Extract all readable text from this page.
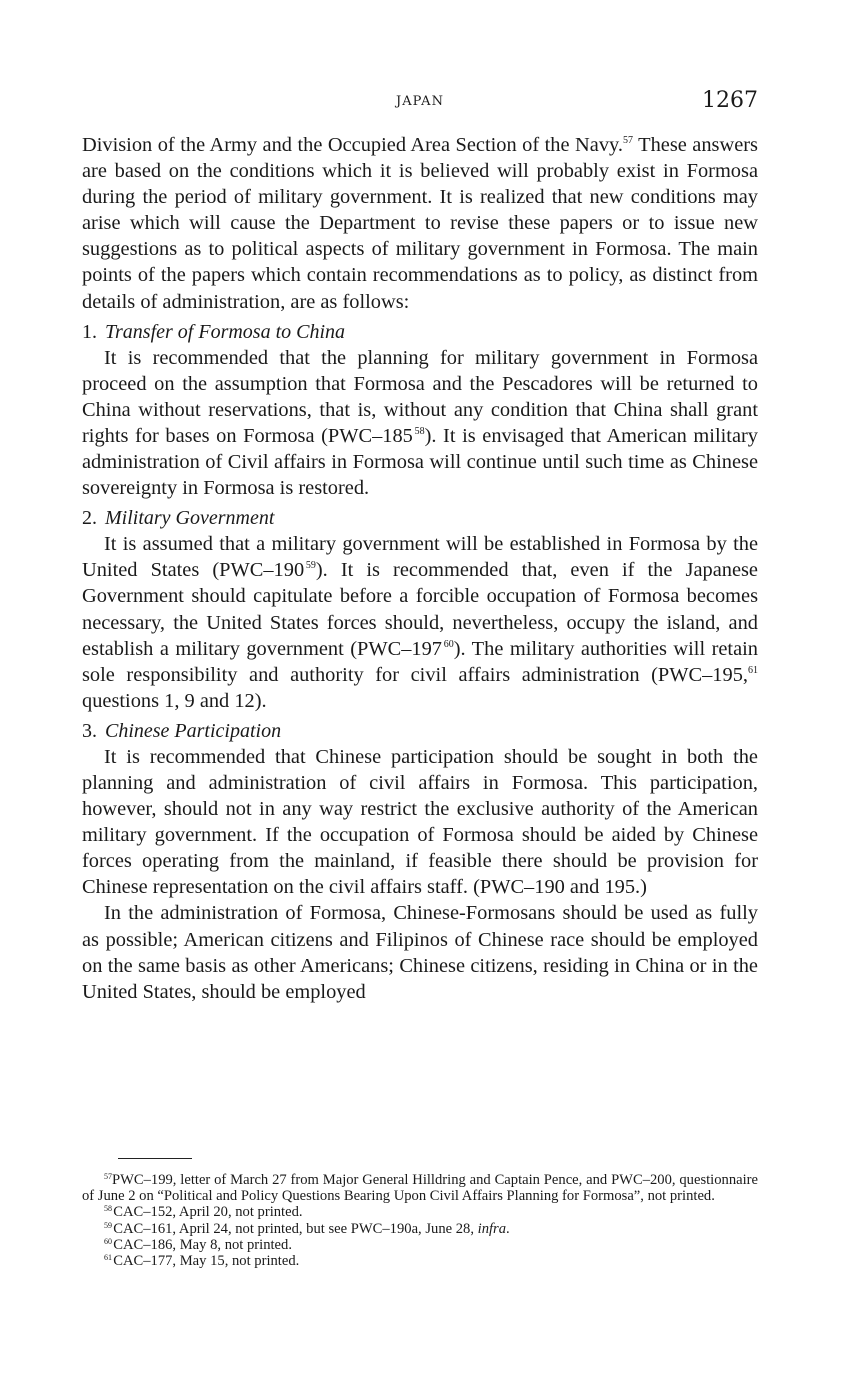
JAPAN	1267

Division of the Army and the Occupied Area Section of the Navy.$^{57}$ These answers are based on the conditions which it is believed will probably exist in Formosa during the period of military government. It is realized that new conditions may arise which will cause the Department to revise these papers or to issue new suggestions as to political aspects of military government in Formosa. The main points of the papers which contain recommendations as to policy, as distinct from details of administration, are as follows:

1. Transfer of Formosa to China

It is recommended that the planning for military government in Formosa proceed on the assumption that Formosa and the Pescadores will be returned to China without reservations, that is, without any condition that China shall grant rights for bases on Formosa (PWC–185  $^{58}$). It is envisaged that American military administration of Civil affairs in Formosa will continue until such time as Chinese sovereignty in Formosa is restored.

2. Military Government

It is assumed that a military government will be established in Formosa by the United States (PWC–190  $^{59}$). It is recommended that, even if the Japanese Government should capitulate before a forcible occupation of Formosa becomes necessary, the United States forces should, nevertheless, occupy the island, and establish a military government (PWC–197  $^{60}$). The military authorities will retain sole responsibility and authority for civil affairs administration (PWC–195,61 questions 1, 9 and 12).

3. Chinese Participation

It is recommended that Chinese participation should be sought in both the planning and administration of civil affairs in Formosa. This participation, however, should not in any way restrict the exclusive authority of the American military government. If the occupation of Formosa should be aided by Chinese forces operating from the mainland, if feasible there should be provision for Chinese representation on the civil affairs staff. (PWC–190 and 195.)

In the administration of Formosa, Chinese-Formosans should be used as fully as possible; American citizens and Filipinos of Chinese race should be employed on the same basis as other Americans; Chinese citizens, residing in China or in the United States, should be employed

$^{57}$PWC–199, letter of March 27 from Major General Hilldring and Captain Pence, and PWC–200, questionnaire of June 2 on “Political and Policy Questions Bearing Upon Civil Affairs Planning for Formosa”, not printed.

$^{58}$ CAC–152, April 20, not printed.

$^{59}$ CAC–161, April 24, not printed, but see PWC–190a, June 28, infra.

$^{60}$ CAC–186, May 8, not printed.

$^{61}$ CAC–177, May 15, not printed.
